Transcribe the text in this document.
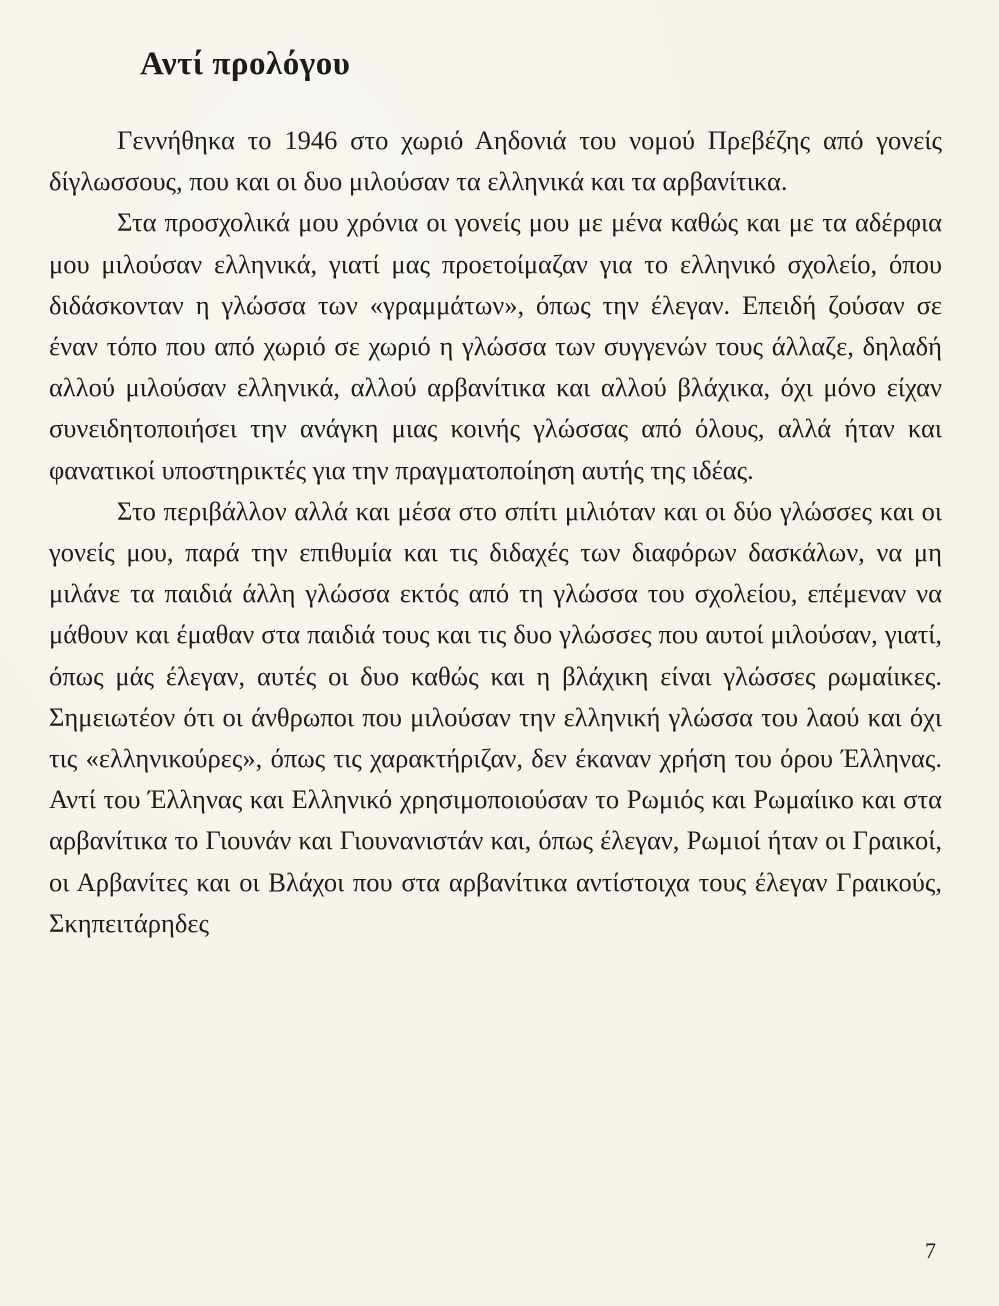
Αντί προλόγου

Γεννήθηκα το 1946 στο χωριό Αηδονιά του νομού Πρεβέζης από γονείς δίγλωσσους, που και οι δυο μιλούσαν τα ελληνικά και τα αρβανίτικα.

Στα προσχολικά μου χρόνια οι γονείς μου με μένα καθώς και με τα αδέρφια μου μιλούσαν ελληνικά, γιατί μας προετοίμαζαν για το ελληνικό σχολείο, όπου διδάσκονταν η γλώσσα των «γραμμάτων», όπως την έλεγαν. Επειδή ζούσαν σε έναν τόπο που από χωριό σε χωριό η γλώσσα των συγγενών τους άλλαζε, δηλαδή αλλού μιλούσαν ελληνικά, αλλού αρβανίτικα και αλλού βλάχικα, όχι μόνο είχαν συνειδητοποιήσει την ανάγκη μιας κοινής γλώσσας από όλους, αλλά ήταν και φανατικοί υποστηρικτές για την πραγματοποίηση αυτής της ιδέας.

Στο περιβάλλον αλλά και μέσα στο σπίτι μιλιόταν και οι δύο γλώσσες και οι γονείς μου, παρά την επιθυμία και τις διδαχές των διαφόρων δασκάλων, να μη μιλάνε τα παιδιά άλλη γλώσσα εκτός από τη γλώσσα του σχολείου, επέμεναν να μάθουν και έμαθαν στα παιδιά τους και τις δυο γλώσσες που αυτοί μιλούσαν, γιατί, όπως μάς έλεγαν, αυτές οι δυο καθώς και η βλάχικη είναι γλώσσες ρωμαίικες. Σημειωτέον ότι οι άνθρωποι που μιλούσαν την ελληνική γλώσσα του λαού και όχι τις «ελληνικούρες», όπως τις χαρακτήριζαν, δεν έκαναν χρήση του όρου Έλληνας. Αντί του Έλληνας και Ελληνικό χρησιμοποιούσαν το Ρωμιός και Ρωμαίικο και στα αρβανίτικα το Γιουνάν και Γιουνανιστάν και, όπως έλεγαν, Ρωμιοί ήταν οι Γραικοί, οι Αρβανίτες και οι Βλάχοι που στα αρβανίτικα αντίστοιχα τους έλεγαν Γραικούς, Σκηπειτάρηδες

7
